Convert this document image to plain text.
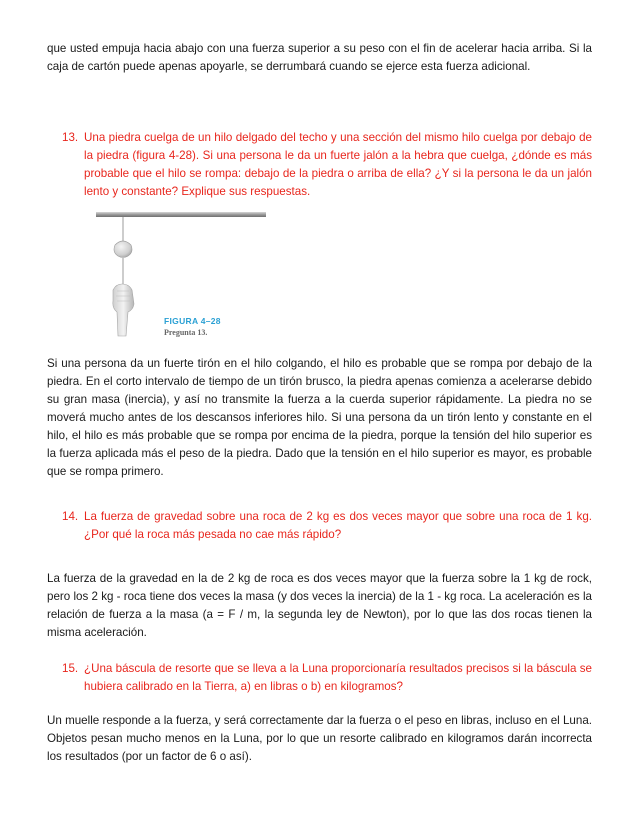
que usted empuja hacia abajo con una fuerza superior a su peso con el fin de acelerar hacia arriba. Si la caja de cartón puede apenas apoyarle, se derrumbará cuando se ejerce esta fuerza adicional.

13. Una piedra cuelga de un hilo delgado del techo y una sección del mismo hilo cuelga por debajo de la piedra (figura 4-28). Si una persona le da un fuerte jalón a la hebra que cuelga, ¿dónde es más probable que el hilo se rompa: debajo de la piedra o arriba de ella? ¿Y si la persona le da un jalón lento y constante? Explique sus respuestas.
FIGURA 4–28
Pregunta 13.

Si una persona da un fuerte tirón en el hilo colgando, el hilo es probable que se rompa por debajo de la piedra. En el corto intervalo de tiempo de un tirón brusco, la piedra apenas comienza a acelerarse debido su gran masa (inercia), y así no transmite la fuerza a la cuerda superior rápidamente. La piedra no se moverá mucho antes de los descansos inferiores hilo. Si una persona da un tirón lento y constante en el hilo, el hilo es más probable que se rompa por encima de la piedra, porque la tensión del hilo superior es la fuerza aplicada más el peso de la piedra. Dado que la tensión en el hilo superior es mayor, es probable que se rompa primero.

14. La fuerza de gravedad sobre una roca de 2 kg es dos veces mayor que sobre una roca de 1 kg. ¿Por qué la roca más pesada no cae más rápido?

La fuerza de la gravedad en la de 2 kg de roca es dos veces mayor que la fuerza sobre la 1 kg de rock, pero los 2 kg - roca tiene dos veces la masa (y dos veces la inercia) de la 1 - kg roca. La aceleración es la relación de fuerza a la masa (a = F / m, la segunda ley de Newton), por lo que las dos rocas tienen la misma aceleración.

15. ¿Una báscula de resorte que se lleva a la Luna proporcionaría resultados precisos si la báscula se hubiera calibrado en la Tierra, a) en libras o b) en kilogramos?

Un muelle responde a la fuerza, y será correctamente dar la fuerza o el peso en libras, incluso en el Luna. Objetos pesan mucho menos en la Luna, por lo que un resorte calibrado en kilogramos darán incorrecta los resultados (por un factor de 6 o así).
